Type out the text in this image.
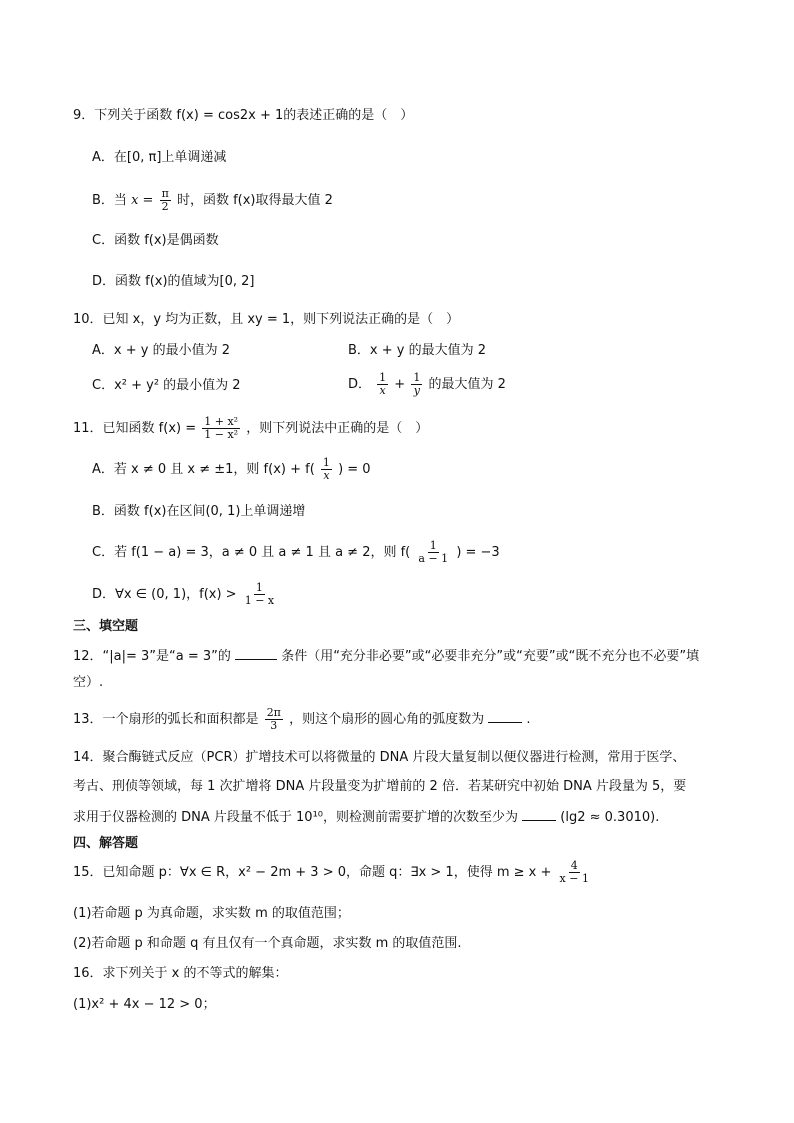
9．下列关于函数 f(x) = cos2x + 1的表述正确的是（　）
A．在[0, π]上单调递减
B．当 $x = \frac{\pi}{2}$ 时，函数 f(x)取得最大值 2
C．函数 f(x)是偶函数
D．函数 f(x)的值域为[0, 2]
10．已知 x，y 均为正数，且 xy = 1，则下列说法正确的是（　）
A．x + y 的最小值为 2	B．x + y 的最大值为 2
C．x² + y² 的最小值为 2	D． $\frac{1}{x} + \frac{1}{y}$ 的最大值为 2
11．已知函数 $f(x) = \frac{\text{1 + x²}}{\text{1 − x²}}$ ，则下列说法中正确的是（　）
A．若 x ≠ 0 且 x ≠ ±1，则 $f(x) + f( \frac{1}{x}$ ) = 0
B．函数 f(x)在区间(0, 1)上单调递增
C．若 f(1 − a) = 3，a ≠ 0 且 a ≠ 1 且 a ≠ 2，则 $f( \frac{1}{a - 1}$ ) = −3
D．∀x ∈ (0, 1)，$f(x) > \frac{1}{1 - x}$
三、填空题
12．“|a|= 3”是“a = 3”的	条件（用“充分非必要”或“必要非充分”或“充要”或“既不充分也不必要”填
空）.
13．一个扇形的弧长和面积都是 $\frac{2\pi}{3}$ ，则这个扇形的圆心角的弧度数为	.
14．聚合酶链式反应（PCR）扩增技术可以将微量的 DNA 片段大量复制以便仪器进行检测，常用于医学、
考古、刑侦等领域，每 1 次扩增将 DNA 片段量变为扩增前的 2 倍．若某研究中初始 DNA 片段量为 5，要
求用于仪器检测的 DNA 片段量不低于 10¹⁰，则检测前需要扩增的次数至少为	(lg2 ≈ 0.3010).
四、解答题
15．已知命题 p：∀x ∈ R，x² − 2m + 3 > 0，命题 q：∃x > 1，使得 $m \ge x + \frac{4}{x - 1}$
(1)若命题 p 为真命题，求实数 m 的取值范围；
(2)若命题 p 和命题 q 有且仅有一个真命题，求实数 m 的取值范围.
16．求下列关于 x 的不等式的解集：
(1)x² + 4x − 12 > 0；
